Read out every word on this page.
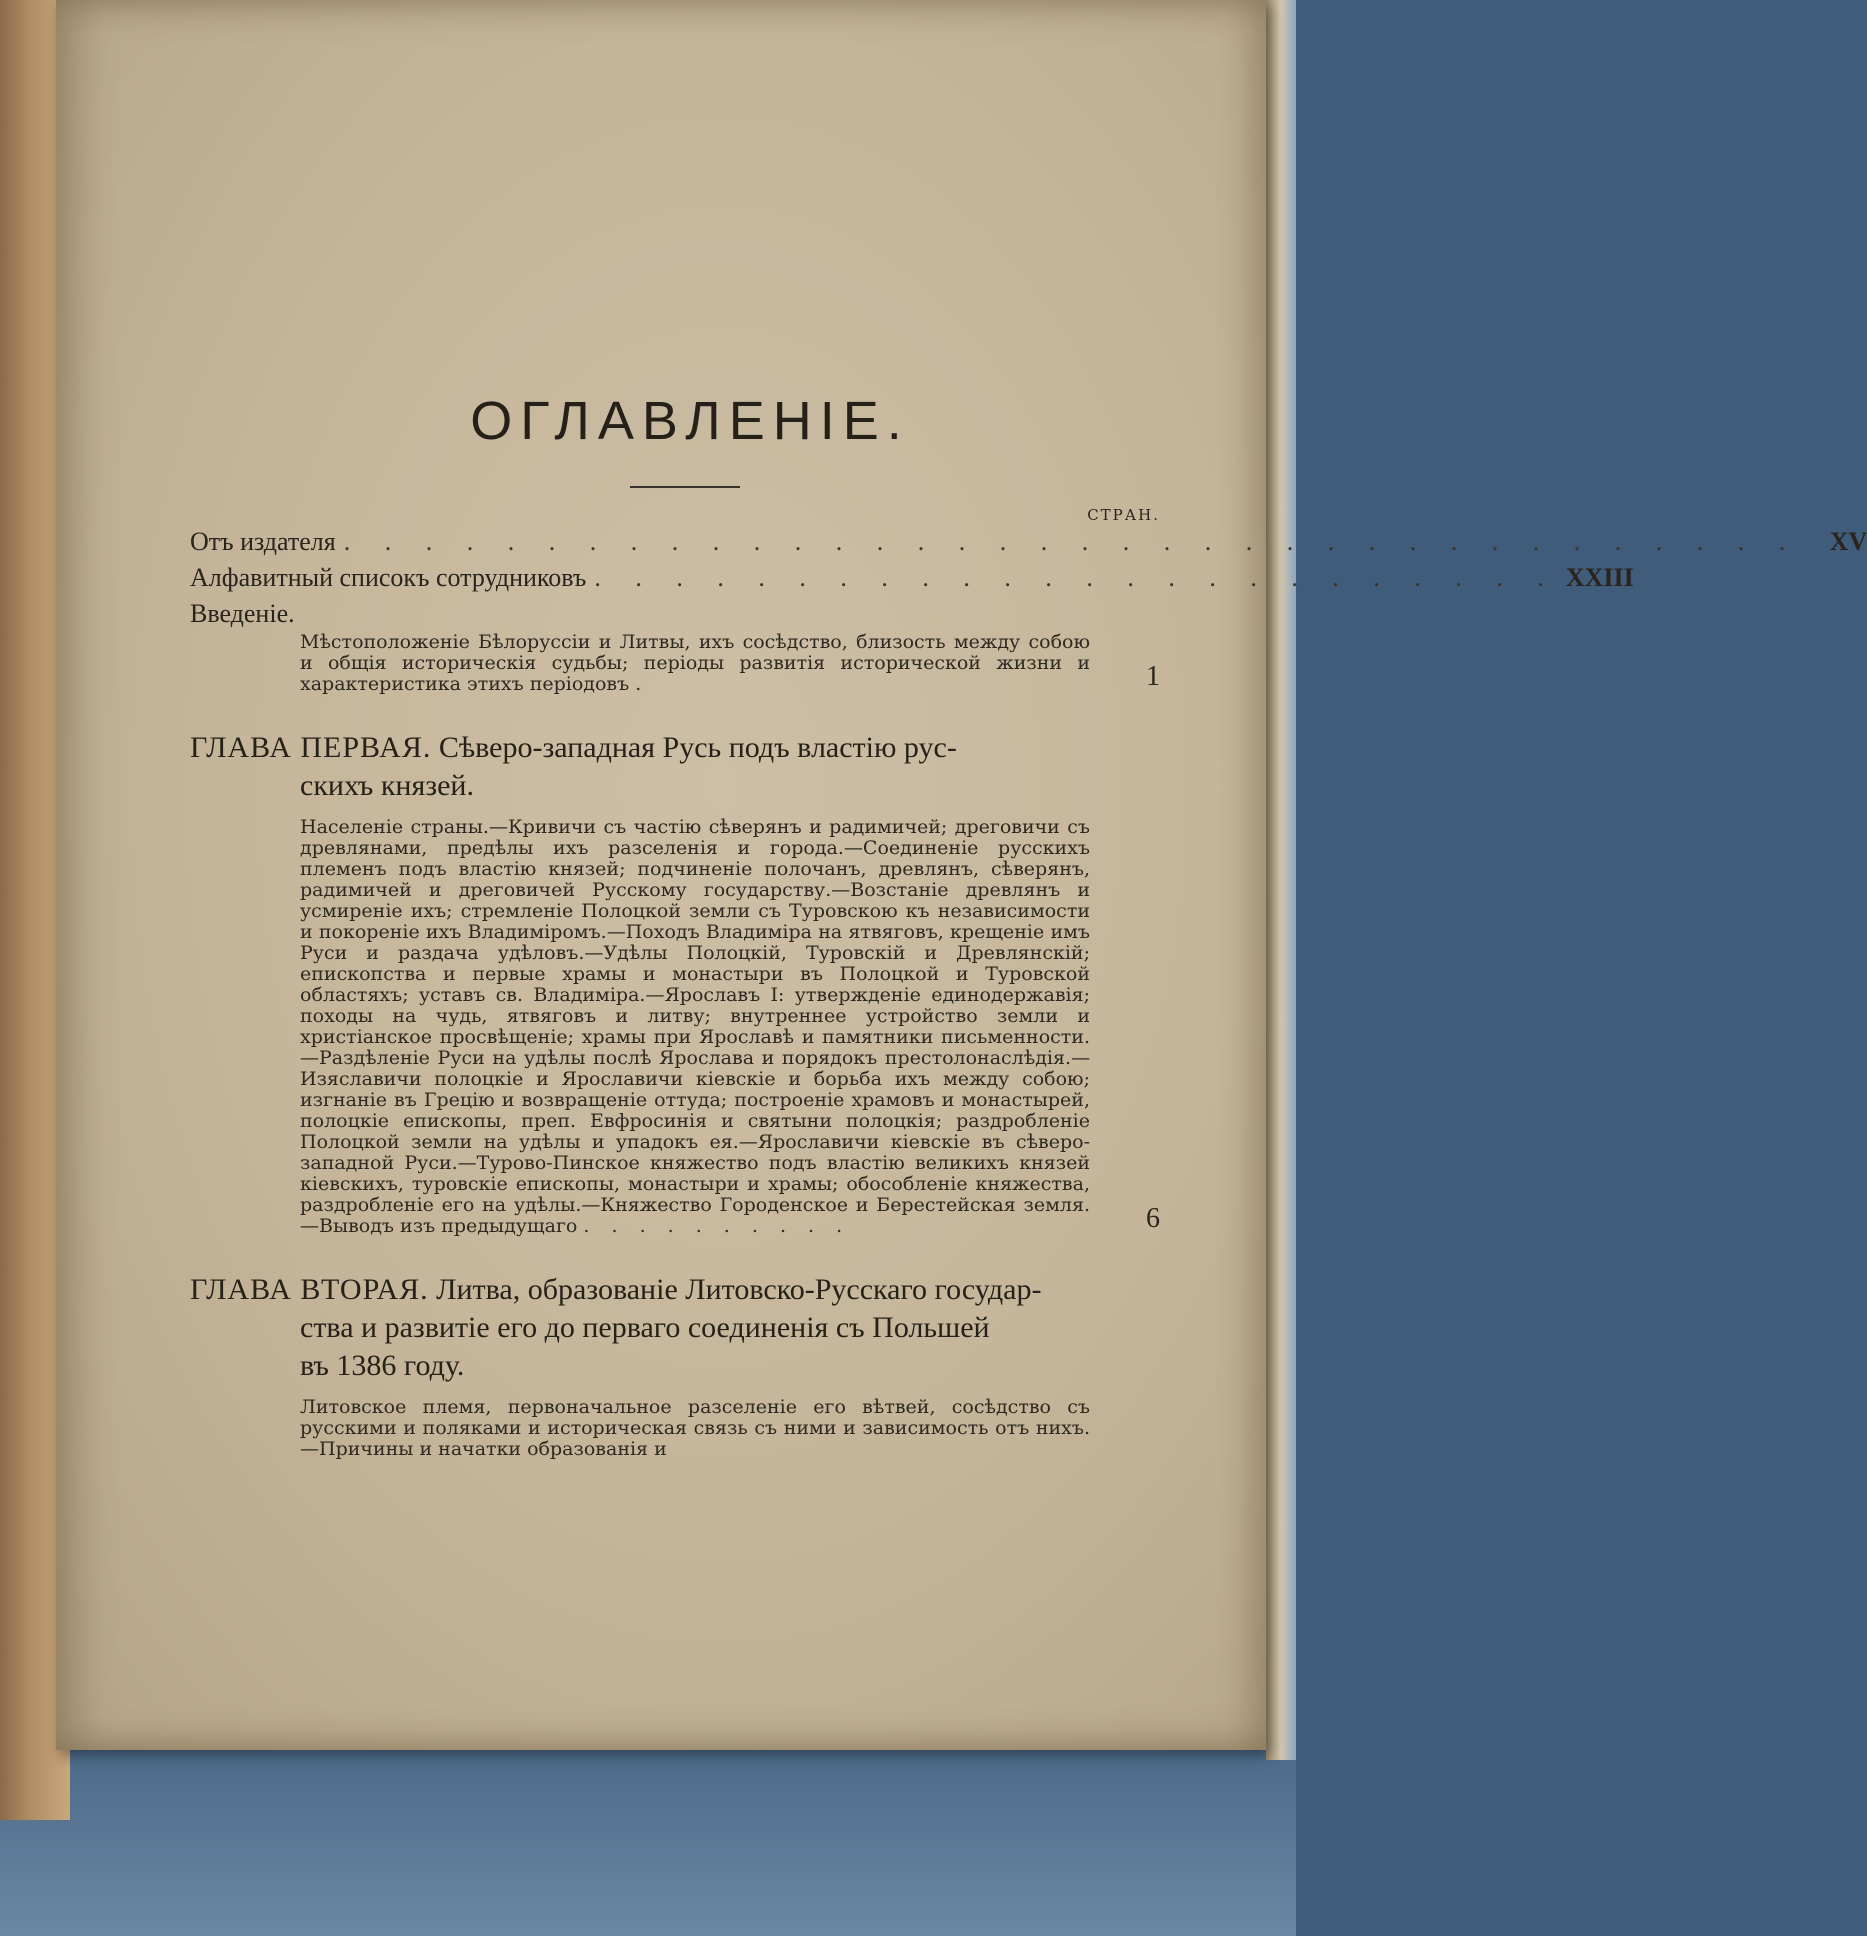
ОГЛАВЛЕНІЕ.
СТРАН.
Отъ издателя . . . . . . . . . . . . . . . . . . . . . . . . . . . . . . . . . . . .	XV
Алфавитный списокъ сотрудниковъ . . . . . . . . . . . . . . . . . . . . . . . . XXIII
Введеніе.
Мѣстоположеніе Бѣлоруссіи и Литвы, ихъ сосѣдство, близость между собою и общія историческія судьбы; періоды развитія исторической жизни и характеристика этихъ періодовъ .	1
ГЛАВА ПЕРВАЯ. Сѣверо-западная Русь подъ властію рус-
скихъ князей.
Населеніе страны.—Кривичи съ частію сѣверянъ и радимичей; дреговичи съ древлянами, предѣлы ихъ разселенія и города.—Соединеніе русскихъ племенъ подъ властію князей; подчиненіе полочанъ, древлянъ, сѣверянъ, радимичей и дреговичей Русскому государству.—Возстаніе древлянъ и усмиреніе ихъ; стремленіе Полоцкой земли съ Туровскою къ независимости и покореніе ихъ Владиміромъ.—Походъ Владиміра на ятвяговъ, крещеніе имъ Руси и раздача удѣловъ.—Удѣлы Полоцкій, Туровскій и Древлянскій; епископства и первые храмы и монастыри въ Полоцкой и Туровской областяхъ; уставъ св. Владиміра.—Ярославъ I: утвержденіе единодержавія; походы на чудь, ятвяговъ и литву; внутреннее устройство земли и христіанское просвѣщеніе; храмы при Ярославѣ и памятники письменности.—Раздѣленіе Руси на удѣлы послѣ Ярослава и порядокъ престолонаслѣдія.—Изяславичи полоцкіе и Ярославичи кіевскіе и борьба ихъ между собою; изгнаніе въ Грецію и возвращеніе оттуда; построеніе храмовъ и монастырей, полоцкіе епископы, преп. Евфросинія и святыни полоцкія; раздробленіе Полоцкой земли на удѣлы и упадокъ ея.—Ярославичи кіевскіе въ сѣверо-западной Руси.—Турово-Пинское княжество подъ властію великихъ князей кіевскихъ, туровскіе епископы, монастыри и храмы; обособленіе княжества, раздробленіе его на удѣлы.—Княжество Городенское и Берестейская земля.—Выводъ изъ предыдущаго . . . . . . . . . .	6
ГЛАВА ВТОРАЯ. Литва, образованіе Литовско-Русскаго государ-
ства и развитіе его до перваго соединенія съ Польшей
въ 1386 году.
Литовское племя, первоначальное разселеніе его вѣтвей, сосѣдство съ русскими и поляками и историческая связь съ ними и зависимость отъ нихъ.—Причины и начатки образованія и
